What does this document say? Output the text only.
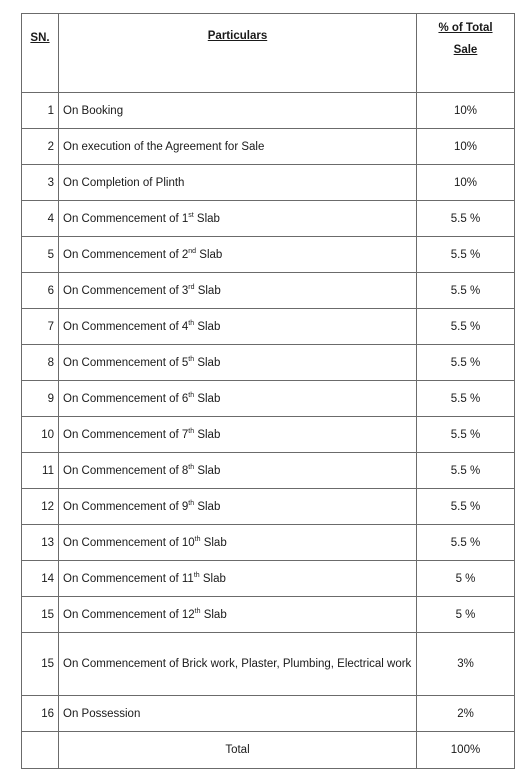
SN.	Particulars	% of Total
Sale
1	On Booking	10%
2	On execution of the Agreement for Sale	10%
3	On Completion of Plinth	10%
4	On Commencement of 1st Slab	5.5 %
5	On Commencement of 2nd Slab	5.5 %
6	On Commencement of 3rd Slab	5.5 %
7	On Commencement of 4th Slab	5.5 %
8	On Commencement of 5th Slab	5.5 %
9	On Commencement of 6th Slab	5.5 %
10	On Commencement of 7th Slab	5.5 %
11	On Commencement of 8th Slab	5.5 %
12	On Commencement of 9th Slab	5.5 %
13	On Commencement of 10th Slab	5.5 %
14	On Commencement of 11th Slab	5 %
15	On Commencement of 12th Slab	5 %
15	On Commencement of Brick work, Plaster, Plumbing, Electrical work	3%
16	On Possession	2%
	Total	100%
